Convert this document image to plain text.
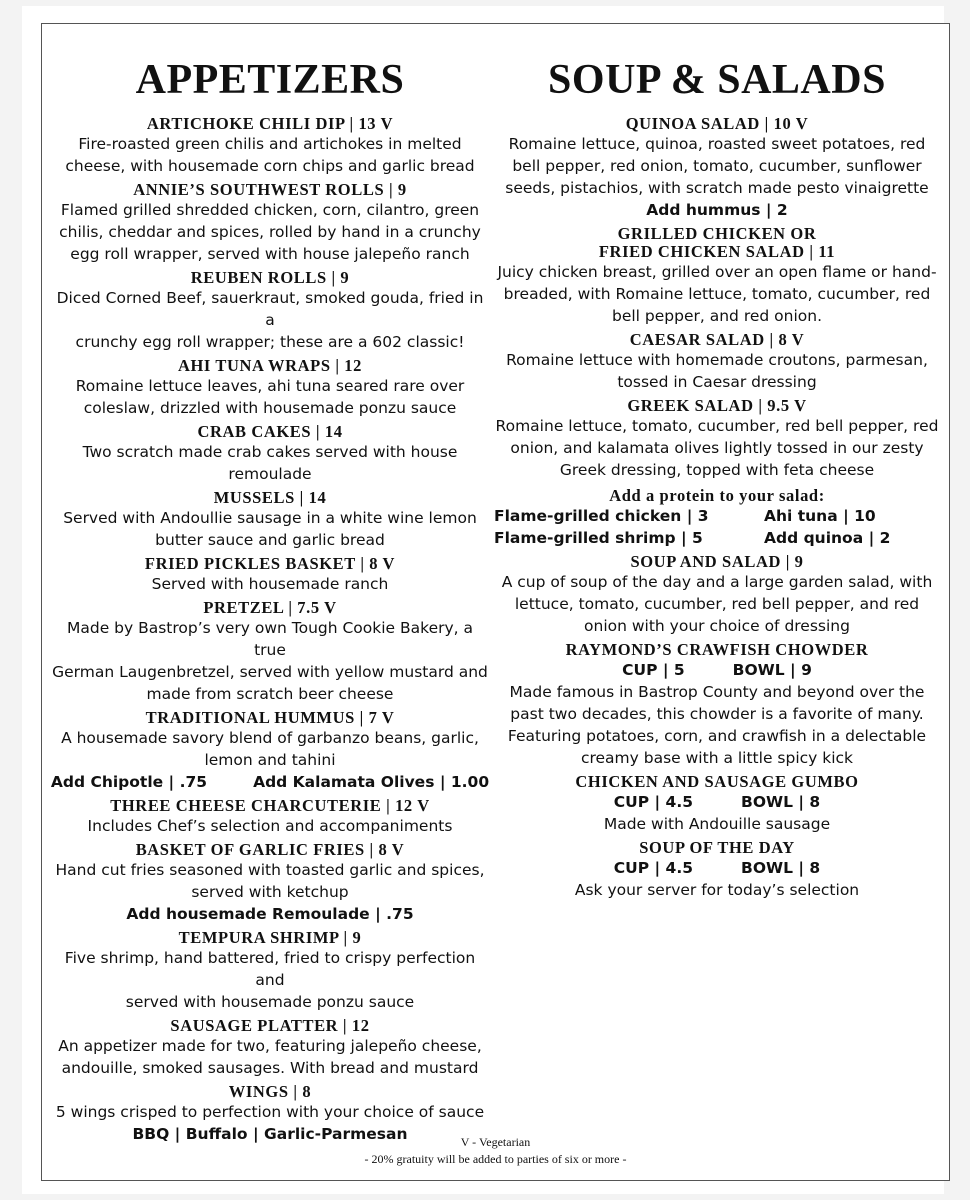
APPETIZERS
ARTICHOKE CHILI DIP | 13 V
Fire-roasted green chilis and artichokes in melted
cheese, with housemade corn chips and garlic bread
ANNIE’S SOUTHWEST ROLLS | 9
Flamed grilled shredded chicken, corn, cilantro, green
chilis, cheddar and spices, rolled by hand in a crunchy
egg roll wrapper, served with house jalepeño ranch
REUBEN ROLLS | 9
Diced Corned Beef, sauerkraut, smoked gouda, fried in a
crunchy egg roll wrapper; these are a 602 classic!
AHI TUNA WRAPS | 12
Romaine lettuce leaves, ahi tuna seared rare over
coleslaw, drizzled with housemade ponzu sauce
CRAB CAKES | 14
Two scratch made crab cakes served with house
remoulade
MUSSELS | 14
Served with Andoullie sausage in a white wine lemon
butter sauce and garlic bread
FRIED PICKLES BASKET | 8 V
Served with housemade ranch
PRETZEL | 7.5 V
Made by Bastrop’s very own Tough Cookie Bakery, a true
German Laugenbretzel, served with yellow mustard and
made from scratch beer cheese
TRADITIONAL HUMMUS | 7 V
A housemade savory blend of garbanzo beans, garlic,
lemon and tahini
Add Chipotle | .75	Add Kalamata Olives | 1.00
THREE CHEESE CHARCUTERIE | 12 V
Includes Chef’s selection and accompaniments
BASKET OF GARLIC FRIES | 8 V
Hand cut fries seasoned with toasted garlic and spices,
served with ketchup
Add housemade Remoulade | .75
TEMPURA SHRIMP | 9
Five shrimp, hand battered, fried to crispy perfection and
served with housemade ponzu sauce
SAUSAGE PLATTER | 12
An appetizer made for two, featuring jalepeño cheese,
andouille, smoked sausages. With bread and mustard
WINGS | 8
5 wings crisped to perfection with your choice of sauce
BBQ | Buffalo | Garlic-Parmesan
SOUP & SALADS
QUINOA SALAD | 10 V
Romaine lettuce, quinoa, roasted sweet potatoes, red
bell pepper, red onion, tomato, cucumber, sunflower
seeds, pistachios, with scratch made pesto vinaigrette
Add hummus | 2
GRILLED CHICKEN OR
FRIED CHICKEN SALAD | 11
Juicy chicken breast, grilled over an open flame or hand-
breaded, with Romaine lettuce, tomato, cucumber, red
bell pepper, and red onion.
CAESAR SALAD | 8 V
Romaine lettuce with homemade croutons, parmesan,
tossed in Caesar dressing
GREEK SALAD | 9.5 V
Romaine lettuce, tomato, cucumber, red bell pepper, red
onion, and kalamata olives lightly tossed in our zesty
Greek dressing, topped with feta cheese
Add a protein to your salad:
Flame-grilled chicken | 3	Ahi tuna | 10
Flame-grilled shrimp | 5	Add quinoa | 2
SOUP AND SALAD | 9
A cup of soup of the day and a large garden salad, with
lettuce, tomato, cucumber, red bell pepper, and red
onion with your choice of dressing
RAYMOND’S CRAWFISH CHOWDER
CUP | 5	BOWL | 9
Made famous in Bastrop County and beyond over the
past two decades, this chowder is a favorite of many.
Featuring potatoes, corn, and crawfish in a delectable
creamy base with a little spicy kick
CHICKEN AND SAUSAGE GUMBO
CUP | 4.5	BOWL | 8
Made with Andouille sausage
SOUP OF THE DAY
CUP | 4.5	BOWL | 8
Ask your server for today’s selection
V - Vegetarian
- 20% gratuity will be added to parties of six or more -
